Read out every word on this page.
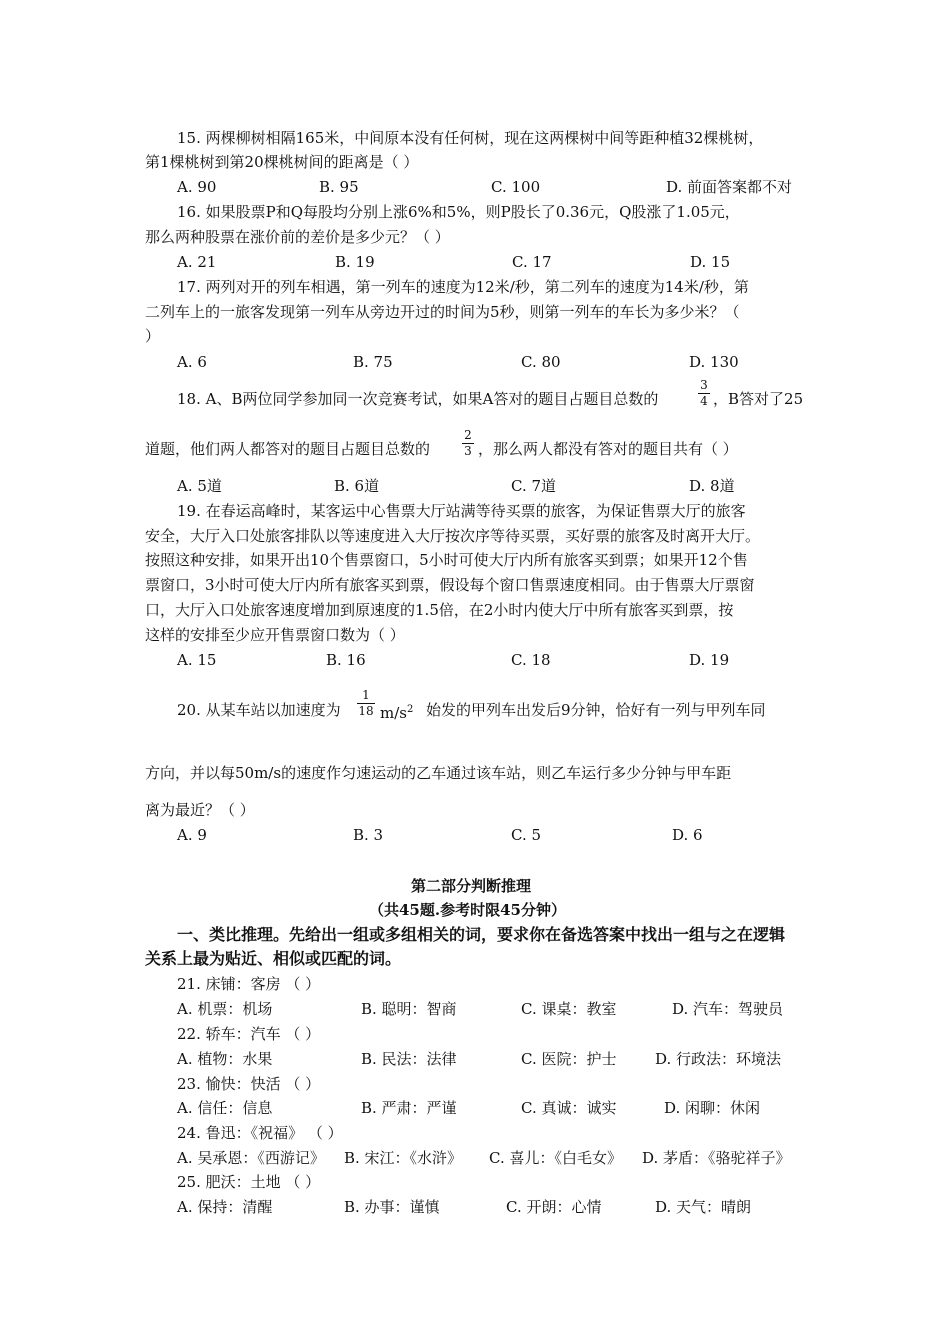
15. 两棵柳树相隔165米，中间原本没有任何树，现在这两棵树中间等距种植32棵桃树，
第1棵桃树到第20棵桃树间的距离是（ ）
A. 90	B. 95	C. 100	D. 前面答案都不对
16. 如果股票P和Q每股均分别上涨6%和5%，则P股长了0.36元，Q股涨了1.05元，
那么两种股票在涨价前的差价是多少元？（ ）
A. 21	B. 19	C. 17	D. 15
17. 两列对开的列车相遇，第一列车的速度为12米/秒，第二列车的速度为14米/秒，第
二列车上的一旅客发现第一列车从旁边开过的时间为5秒，则第一列车的车长为多少米？（
）
A. 6	B. 75	C. 80	D. 130
18. A、B两位同学参加同一次竞赛考试，如果A答对的题目占题目总数的
3
4 ，B答对了25
道题，他们两人都答对的题目占题目总数的
2
3 ，那么两人都没有答对的题目共有（ ）
A. 5道	B. 6道	C. 7道	D. 8道
19. 在春运高峰时，某客运中心售票大厅站满等待买票的旅客，为保证售票大厅的旅客
安全，大厅入口处旅客排队以等速度进入大厅按次序等待买票，买好票的旅客及时离开大厅。
按照这种安排，如果开出10个售票窗口，5小时可使大厅内所有旅客买到票；如果开12个售
票窗口，3小时可使大厅内所有旅客买到票，假设每个窗口售票速度相同。由于售票大厅票窗
口，大厅入口处旅客速度增加到原速度的1.5倍，在2小时内使大厅中所有旅客买到票，按
这样的安排至少应开售票窗口数为（ ）
A. 15	B. 16	C. 18	D. 19
20. 从某车站以加速度为
1
18 $m/s^2$ 始发的甲列车出发后9分钟，恰好有一列与甲列车同
方向，并以每50m/s的速度作匀速运动的乙车通过该车站，则乙车运行多少分钟与甲车距
离为最近？（ ）
A. 9	B. 3	C. 5	D. 6
第二部分判断推理
（共45题.参考时限45分钟）
一、类比推理。先给出一组或多组相关的词，要求你在备选答案中找出一组与之在逻辑
关系上最为贴近、相似或匹配的词。
21. 床铺：客房 （ ）
A. 机票：机场	B. 聪明：智商	C. 课桌：教室	D. 汽车：驾驶员
22. 轿车：汽车 （ ）
A. 植物：水果	B. 民法：法律	C. 医院：护士	D. 行政法：环境法
23. 愉快：快活 （ ）
A. 信任：信息	B. 严肃：严谨	C. 真诚：诚实	D. 闲聊：休闲
24. 鲁迅：《祝福》 （ ）
A. 吴承恩：《西游记》 B. 宋江：《水浒》 C. 喜儿：《白毛女》 D. 茅盾：《骆驼祥子》
25. 肥沃：土地 （ ）
A. 保持：清醒	B. 办事：谨慎	C. 开朗：心情	D. 天气：晴朗
